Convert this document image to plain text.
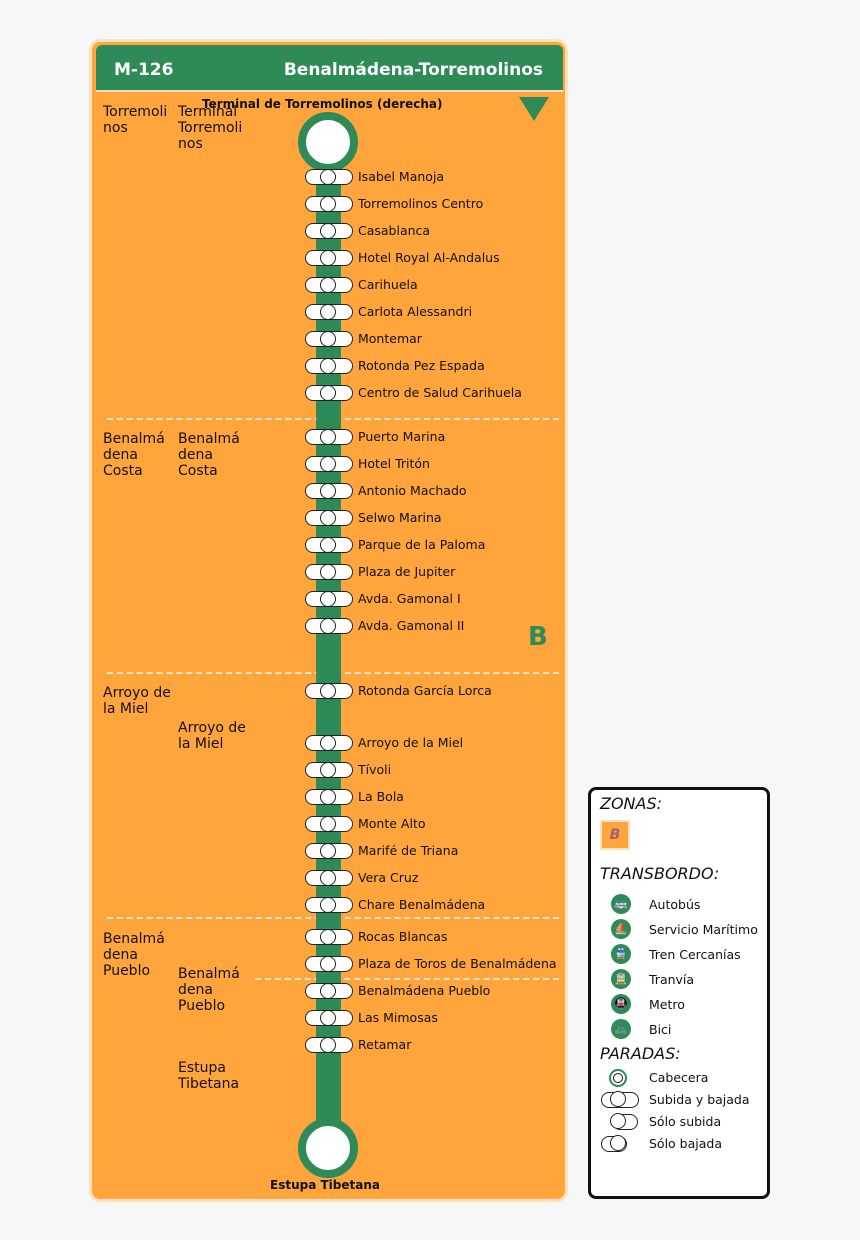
M-126	Benalmádena-Torremolinos
Terminal de Torremolinos (derecha)
Torremoli
nos
Terminal Torremoli
nos
Benalmá
dena
Costa
Benalmá
dena
Costa
Arroyo de
la Miel
Arroyo de
la Miel
Benalmá
dena
Pueblo	Benalmá
dena
Pueblo
Estupa
Tibetana
B
Estupa Tibetana
Isabel Manoja
Torremolinos Centro
Casablanca
Hotel Royal Al-Andalus
Carihuela
Carlota Alessandri
Montemar
Rotonda Pez Espada
Centro de Salud Carihuela
Puerto Marina
Hotel Tritón
Antonio Machado
Selwo Marina
Parque de la Paloma
Plaza de Jupiter
Avda. Gamonal I
Avda. Gamonal II
Rotonda García Lorca
Arroyo de la Miel
Tívoli
La Bola
Monte Alto
Marifé de Triana
Vera Cruz
Chare Benalmádena
Rocas Blancas
Plaza de Toros de Benalmádena
Benalmádena Pueblo
Las Mimosas
Retamar
ZONAS:
B
TRANSBORDO:
🚌 Autobús
⛵ Servicio Marítimo
🚆 Tren Cercanías
🚊 Tranvía
🚇 Metro
🚲 Bici
PARADAS:
Cabecera
Subida y bajada
Sólo subida
Sólo bajada
